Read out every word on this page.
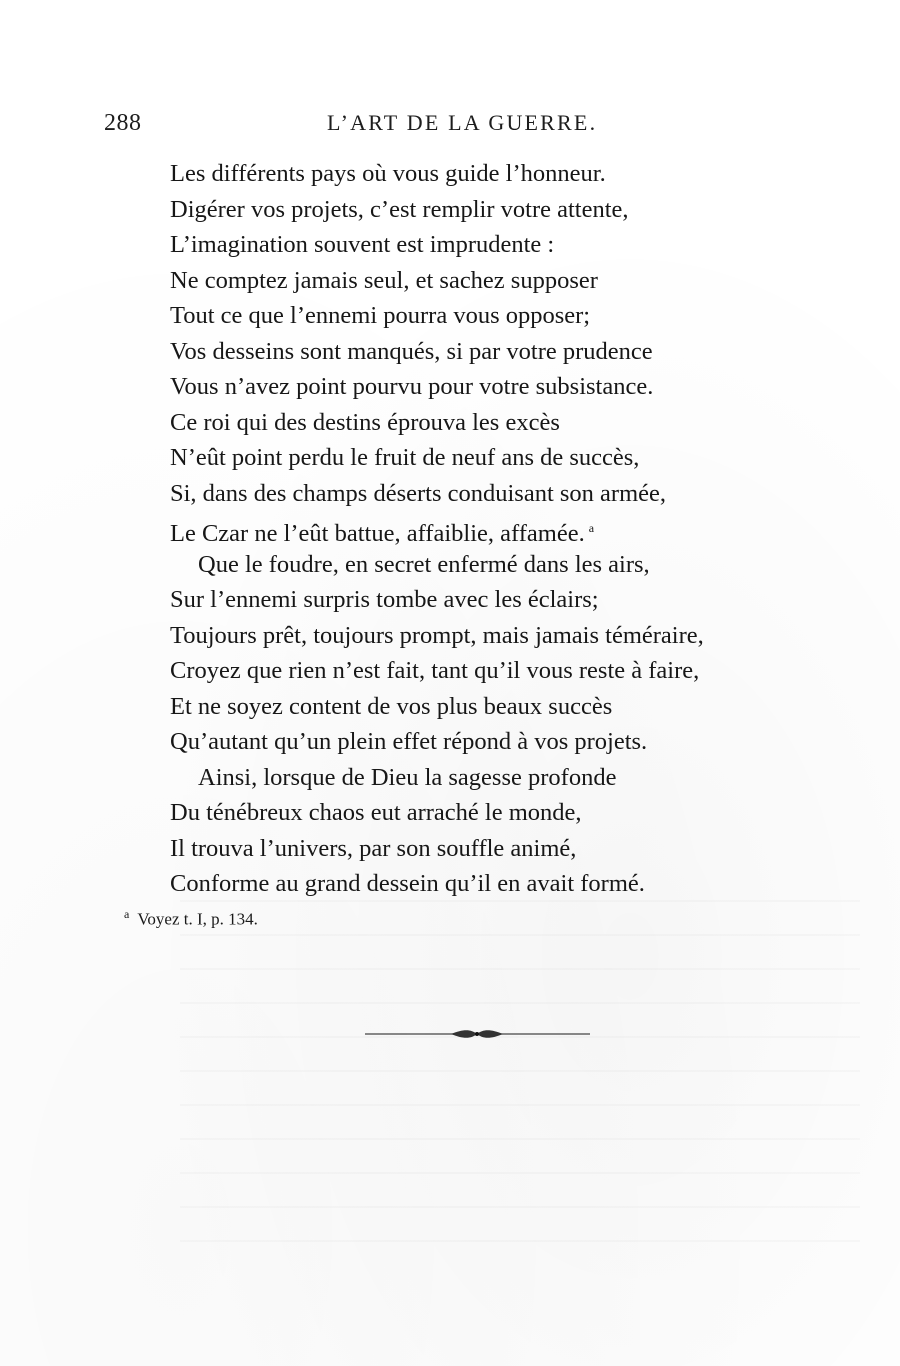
288	L’ART DE LA GUERRE.
Les différents pays où vous guide l’honneur.
Digérer vos projets, c’est remplir votre attente,
L’imagination souvent est imprudente :
Ne comptez jamais seul, et sachez supposer
Tout ce que l’ennemi pourra vous opposer;
Vos desseins sont manqués, si par votre prudence
Vous n’avez point pourvu pour votre subsistance.
Ce roi qui des destins éprouva les excès
N’eût point perdu le fruit de neuf ans de succès,
Si, dans des champs déserts conduisant son armée,
Le Czar ne l’eût battue, affaiblie, affamée. $^a$
Que le foudre, en secret enfermé dans les airs,
Sur l’ennemi surpris tombe avec les éclairs;
Toujours prêt, toujours prompt, mais jamais téméraire,
Croyez que rien n’est fait, tant qu’il vous reste à faire,
Et ne soyez content de vos plus beaux succès
Qu’autant qu’un plein effet répond à vos projets.
Ainsi, lorsque de Dieu la sagesse profonde
Du ténébreux chaos eut arraché le monde,
Il trouva l’univers, par son souffle animé,
Conforme au grand dessein qu’il en avait formé.
$^a$ Voyez t. I, p. 134.
